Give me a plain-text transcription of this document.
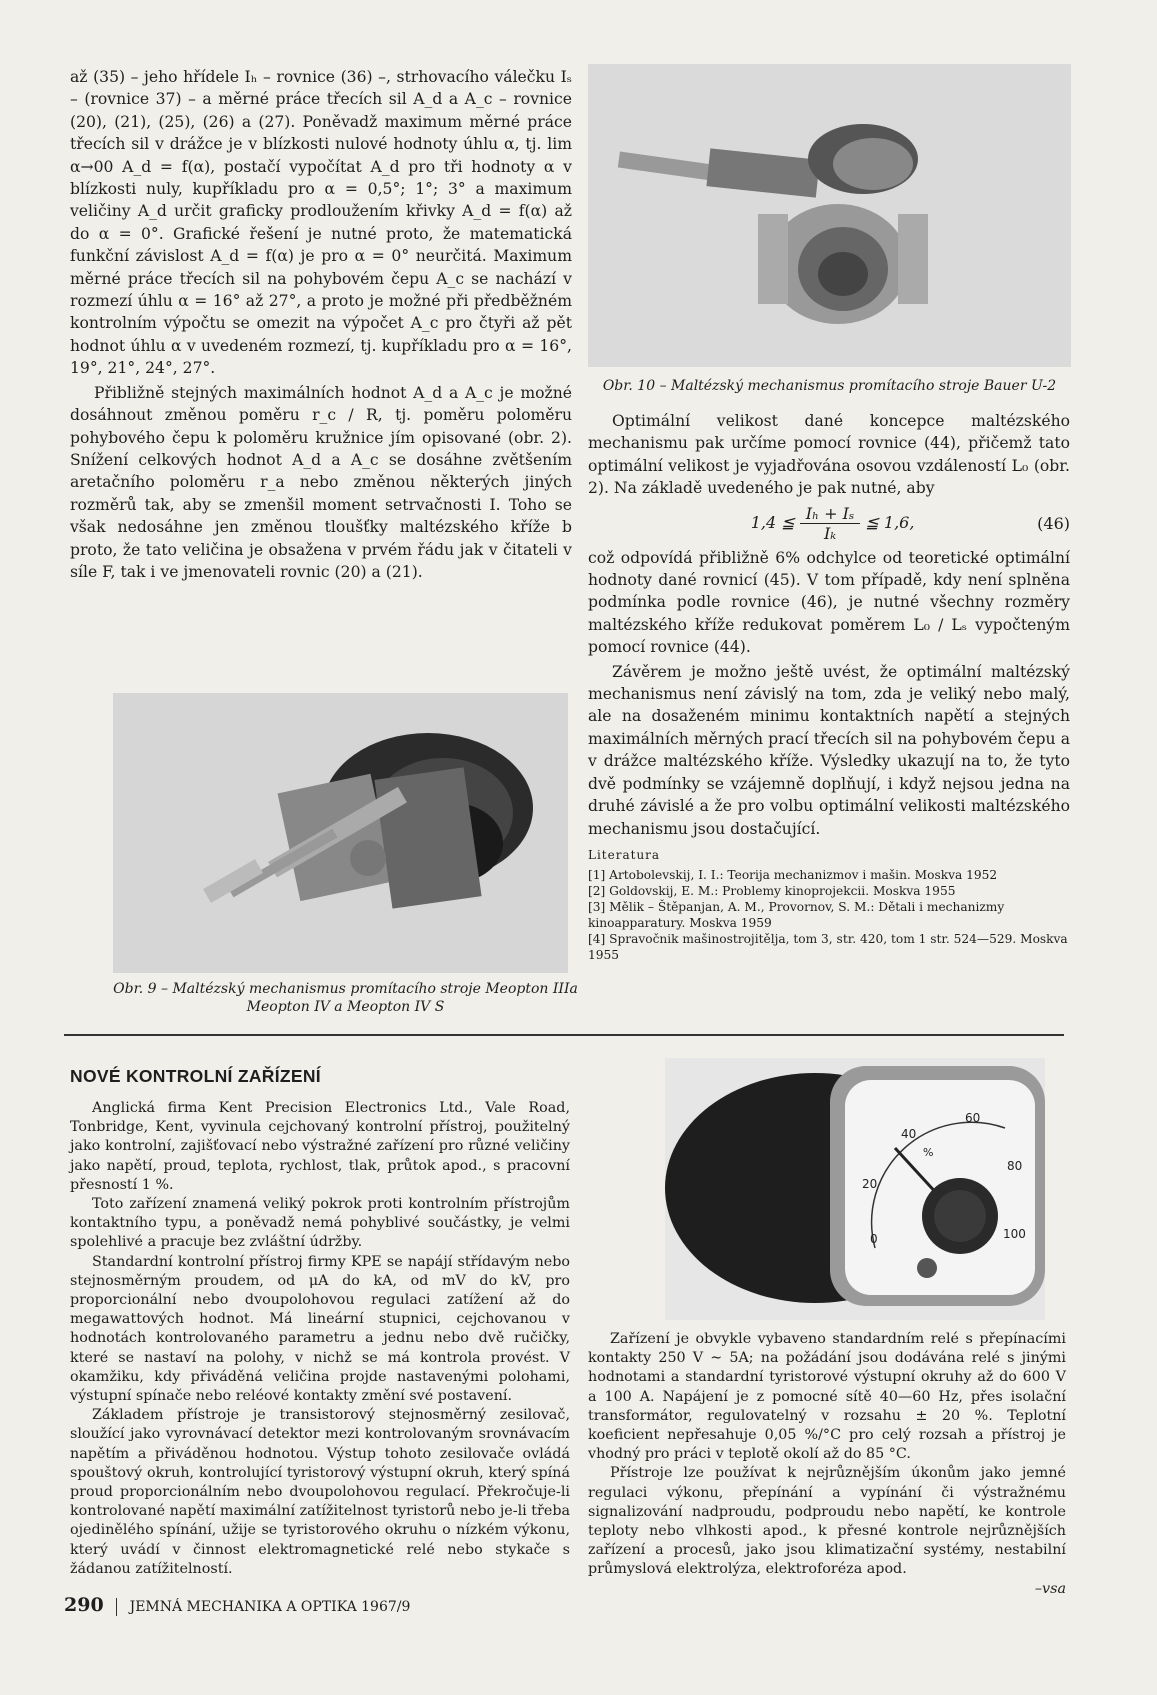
až (35) – jeho hřídele Iₕ – rovnice (36) –, strhovacího válečku Iₛ – (rovnice 37) – a měrné práce třecích sil A_d a A_c – rovnice (20), (21), (25), (26) a (27). Poněvadž maximum měrné práce třecích sil v drážce je v blízkosti nulové hodnoty úhlu α, tj. lim α→00 A_d = f(α), postačí vypočítat A_d pro tři hodnoty α v blízkosti nuly, kupříkladu pro α = 0,5°; 1°; 3° a maximum veličiny A_d určit graficky prodloužením křivky A_d = f(α) až do α = 0°. Grafické řešení je nutné proto, že matematická funkční závislost A_d = f(α) je pro α = 0° neurčitá. Maximum měrné práce třecích sil na pohybovém čepu A_c se nachází v rozmezí úhlu α = 16° až 27°, a proto je možné při předběžném kontrolním výpočtu se omezit na výpočet A_c pro čtyři až pět hodnot úhlu α v uvedeném rozmezí, tj. kupříkladu pro α = 16°, 19°, 21°, 24°, 27°.

Přibližně stejných maximálních hodnot A_d a A_c je možné dosáhnout změnou poměru r_c / R, tj. poměru poloměru pohybového čepu k poloměru kružnice jím opisované (obr. 2). Snížení celkových hodnot A_d a A_c se dosáhne zvětšením aretačního poloměru r_a nebo změnou některých jiných rozměrů tak, aby se zmenšil moment setrvačnosti I. Toho se však nedosáhne jen změnou tloušťky maltézského kříže b proto, že tato veličina je obsažena v prvém řádu jak v čitateli v síle F, tak i ve jmenovateli rovnic (20) a (21).

Obr. 9 – Maltézský mechanismus promítacího stroje Meopton IIIa Meopton IV a Meopton IV S

Obr. 10 – Maltézský mechanismus promítacího stroje Bauer U-2

Optimální velikost dané koncepce maltézského mechanismu pak určíme pomocí rovnice (44), přičemž tato optimální velikost je vyjadřována osovou vzdáleností L₀ (obr. 2). Na základě uvedeného je pak nutné, aby

1,4 ≦ $\frac{\text{Iₕ + Iₛ}}{\text{Iₖ}}$ ≦ 1,6,	(46)

což odpovídá přibližně 6% odchylce od teoretické optimální hodnoty dané rovnicí (45). V tom případě, kdy není splněna podmínka podle rovnice (46), je nutné všechny rozměry maltézského kříže redukovat poměrem L₀ / Lₛ vypočteným pomocí rovnice (44).

Závěrem je možno ještě uvést, že optimální maltézský mechanismus není závislý na tom, zda je veliký nebo malý, ale na dosaženém minimu kontaktních napětí a stejných maximálních měrných prací třecích sil na pohybovém čepu a v drážce maltézského kříže. Výsledky ukazují na to, že tyto dvě podmínky se vzájemně doplňují, i když nejsou jedna na druhé závislé a že pro volbu optimální velikosti maltézského mechanismu jsou dostačující.

Literatura

[1] Artobolevskij, I. I.: Teorija mechanizmov i mašin. Moskva 1952

[2] Goldovskij, E. M.: Problemy kinoprojekcii. Moskva 1955

[3] Mělik – Štěpanjan, A. M., Provornov, S. M.: Dětali i mechanizmy kinoapparatury. Moskva 1959

[4] Spravočnik mašinostrojitělja, tom 3, str. 420, tom 1 str. 524—529. Moskva 1955

NOVÉ KONTROLNÍ ZAŘÍZENÍ

Anglická firma Kent Precision Electronics Ltd., Vale Road, Tonbridge, Kent, vyvinula cejchovaný kontrolní přístroj, použitelný jako kontrolní, zajišťovací nebo výstražné zařízení pro různé veličiny jako napětí, proud, teplota, rychlost, tlak, průtok apod., s pracovní přesností 1 %.

Toto zařízení znamená veliký pokrok proti kontrolním přístrojům kontaktního typu, a poněvadž nemá pohyblivé součástky, je velmi spolehlivé a pracuje bez zvláštní údržby.

Standardní kontrolní přístroj firmy KPE se napájí střídavým nebo stejnosměrným proudem, od μA do kA, od mV do kV, pro proporcionální nebo dvoupolohovou regulaci zatížení až do megawattových hodnot. Má lineární stupnici, cejchovanou v hodnotách kontrolovaného parametru a jednu nebo dvě ručičky, které se nastaví na polohy, v nichž se má kontrola provést. V okamžiku, kdy přiváděná veličina projde nastavenými polohami, výstupní spínače nebo reléové kontakty změní své postavení.

Základem přístroje je transistorový stejnosměrný zesilovač, sloužící jako vyrovnávací detektor mezi kontrolovaným srovnávacím napětím a přiváděnou hodnotou. Výstup tohoto zesilovače ovládá spouštový okruh, kontrolující tyristorový výstupní okruh, který spíná proud proporcionálním nebo dvoupolohovou regulací. Překročuje-li kontrolované napětí maximální zatížitelnost tyristorů nebo je-li třeba ojedinělého spínání, užije se tyristorového okruhu o nízkém výkonu, který uvádí v činnost elektromagnetické relé nebo stykače s žádanou zatížitelností.

0
20
40
60
80
100
%

Zařízení je obvykle vybaveno standardním relé s přepínacími kontakty 250 V ∼ 5A; na požádání jsou dodávána relé s jinými hodnotami a standardní tyristorové výstupní okruhy až do 600 V a 100 A. Napájení je z pomocné sítě 40—60 Hz, přes isolační transformátor, regulovatelný v rozsahu ± 20 %. Teplotní koeficient nepřesahuje 0,05 %/°C pro celý rozsah a přístroj je vhodný pro práci v teplotě okolí až do 85 °C.

Přístroje lze používat k nejrůznějším úkonům jako jemné regulaci výkonu, přepínání a vypínání či výstražnému signalizování nadproudu, podproudu nebo napětí, ke kontrole teploty nebo vlhkosti apod., k přesné kontrole nejrůznějších zařízení a procesů, jako jsou klimatizační systémy, nestabilní průmyslová elektrolýza, elektroforéza apod.

–vsa

290 JEMNÁ MECHANIKA A OPTIKA 1967/9
